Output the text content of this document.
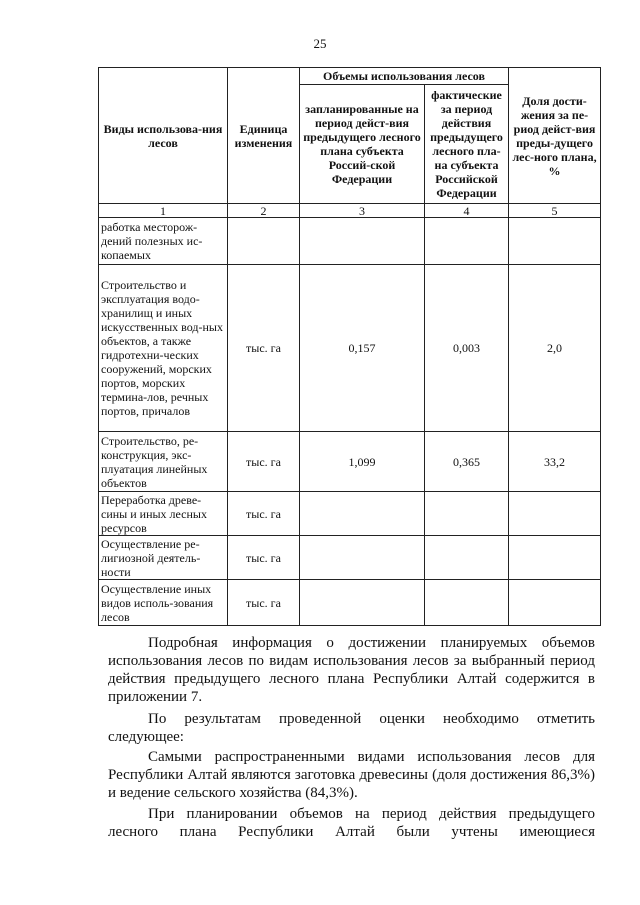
25
Виды использова-ния лесов	Единица изменения	Объемы использования лесов		Доля дости-жения за пе-риод дейст-вия преды-дущего лес-ного плана, %
		запланированные на период дейст-вия предыдущего лесного плана субъекта Россий-ской Федерации	фактические за период действия предыдущего лесного пла-на субъекта Российской Федерации	
1	2	3	4	5
работка месторож-дений полезных ис-копаемых				
Строительство и эксплуатация водо-хранилищ и иных искусственных вод-ных объектов, а также гидротехни-ческих сооружений, морских портов, морских термина-лов, речных портов, причалов	тыс. га	0,157	0,003	2,0
Строительство, ре-конструкция, экс-плуатация линейных объектов	тыс. га	1,099	0,365	33,2
Переработка древе-сины и иных лесных ресурсов	тыс. га			
Осуществление ре-лигиозной деятель-ности	тыс. га			
Осуществление иных видов исполь-зования лесов	тыс. га			

Подробная информация о достижении планируемых объемов использования лесов по видам использования лесов за выбранный период действия предыдущего лесного плана Республики Алтай содержится в приложении 7.

По результатам проведенной оценки необходимо отметить следующее:

Самыми распространенными видами использования лесов для Республики Алтай являются заготовка древесины (доля достижения 86,3%) и ведение сельского хозяйства (84,3%).

При планировании объемов на период действия предыдущего лесного плана Республики Алтай были учтены имеющиеся
